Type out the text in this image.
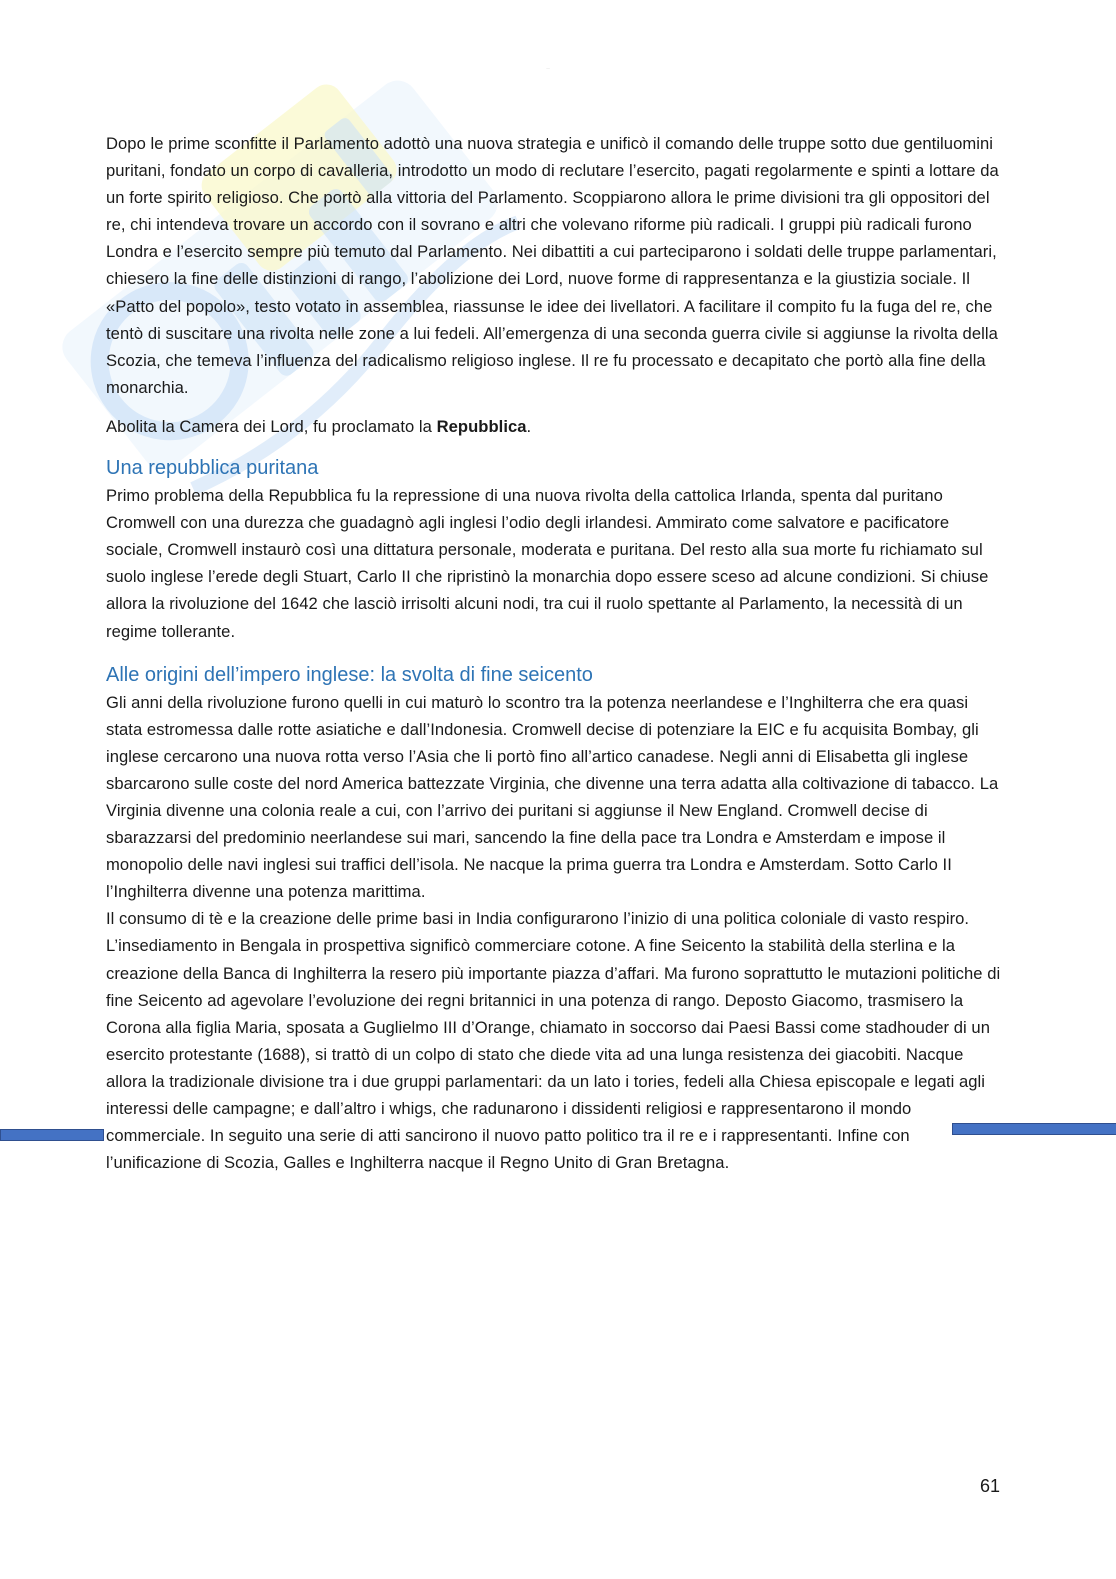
.....

Dopo le prime sconfitte il Parlamento adottò una nuova strategia e unificò il comando delle truppe sotto due gentiluomini puritani, fondato un corpo di cavalleria, introdotto un modo di reclutare l’esercito, pagati regolarmente e spinti a lottare da un forte spirito religioso. Che portò alla vittoria del Parlamento. Scoppiarono allora le prime divisioni tra gli oppositori del re, chi intendeva trovare un accordo con il sovrano e altri che volevano riforme più radicali. I gruppi più radicali furono Londra e l’esercito sempre più temuto dal Parlamento. Nei dibattiti a cui parteciparono i soldati delle truppe parlamentari, chiesero la fine delle distinzioni di rango, l’abolizione dei Lord, nuove forme di rappresentanza e la giustizia sociale. Il «Patto del popolo», testo votato in assemblea, riassunse le idee dei livellatori. A facilitare il compito fu la fuga del re, che tentò di suscitare una rivolta nelle zone a lui fedeli. All’emergenza di una seconda guerra civile si aggiunse la rivolta della Scozia, che temeva l’influenza del radicalismo religioso inglese. Il re fu processato e decapitato che portò alla fine della monarchia.

Abolita la Camera dei Lord, fu proclamato la Repubblica.

Una repubblica puritana

Primo problema della Repubblica fu la repressione di una nuova rivolta della cattolica Irlanda, spenta dal puritano Cromwell con una durezza che guadagnò agli inglesi l’odio degli irlandesi. Ammirato come salvatore e pacificatore sociale, Cromwell instaurò così una dittatura personale, moderata e puritana. Del resto alla sua morte fu richiamato sul suolo inglese l’erede degli Stuart, Carlo II che ripristinò la monarchia dopo essere sceso ad alcune condizioni. Si chiuse allora la rivoluzione del 1642 che lasciò irrisolti alcuni nodi, tra cui il ruolo spettante al Parlamento, la necessità di un regime tollerante.

Alle origini dell’impero inglese: la svolta di fine seicento

Gli anni della rivoluzione furono quelli in cui maturò lo scontro tra la potenza neerlandese e l’Inghilterra che era quasi stata estromessa dalle rotte asiatiche e dall’Indonesia. Cromwell decise di potenziare la EIC e fu acquisita Bombay, gli inglese cercarono una nuova rotta verso l’Asia che li portò fino all’artico canadese. Negli anni di Elisabetta gli inglese sbarcarono sulle coste del nord America battezzate Virginia, che divenne una terra adatta alla coltivazione di tabacco. La Virginia divenne una colonia reale a cui, con l’arrivo dei puritani si aggiunse il New England. Cromwell decise di sbarazzarsi del predominio neerlandese sui mari, sancendo la fine della pace tra Londra e Amsterdam e impose il monopolio delle navi inglesi sui traffici dell’isola. Ne nacque la prima guerra tra Londra e Amsterdam. Sotto Carlo II l’Inghilterra divenne una potenza marittima.

Il consumo di tè e la creazione delle prime basi in India configurarono l’inizio di una politica coloniale di vasto respiro. L’insediamento in Bengala in prospettiva significò commerciare cotone. A fine Seicento la stabilità della sterlina e la creazione della Banca di Inghilterra la resero più importante piazza d’affari. Ma furono soprattutto le mutazioni politiche di fine Seicento ad agevolare l’evoluzione dei regni britannici in una potenza di rango. Deposto Giacomo, trasmisero la Corona alla figlia Maria, sposata a Guglielmo III d’Orange, chiamato in soccorso dai Paesi Bassi come stadhouder di un esercito protestante (1688), si trattò di un colpo di stato che diede vita ad una lunga resistenza dei giacobiti. Nacque allora la tradizionale divisione tra i due gruppi parlamentari: da un lato i tories, fedeli alla Chiesa episcopale e legati agli interessi delle campagne; e dall’altro i whigs, che radunarono i dissidenti religiosi e rappresentarono il mondo commerciale. In seguito una serie di atti sancirono il nuovo patto politico tra il re e i rappresentanti. Infine con l’unificazione di Scozia, Galles e Inghilterra nacque il Regno Unito di Gran Bretagna.

61
